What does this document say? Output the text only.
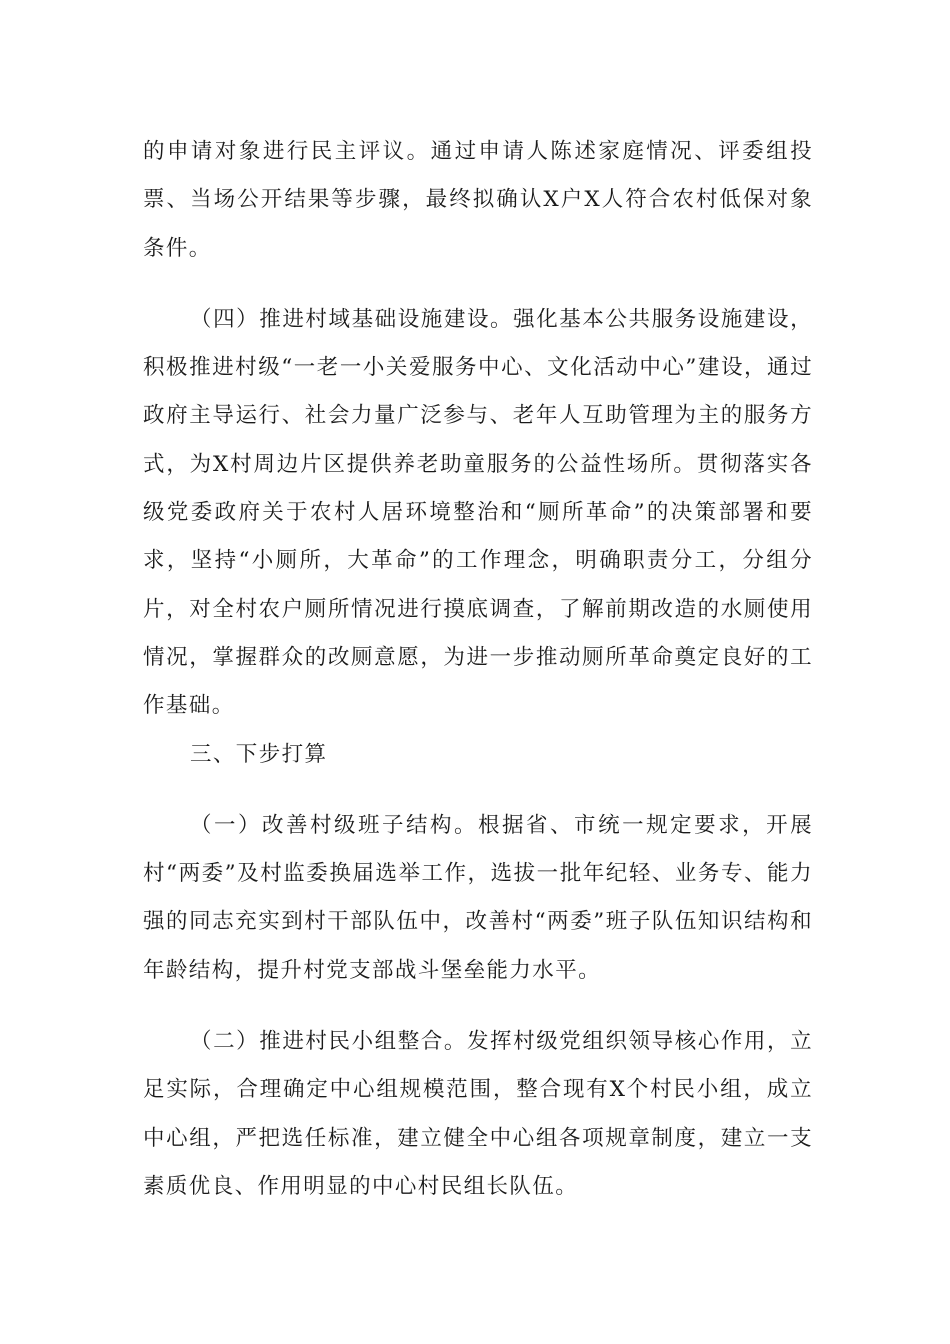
的申请对象进行民主评议。通过申请人陈述家庭情况、评委组投票、当场公开结果等步骤，最终拟确认X户X人符合农村低保对象条件。

（四）推进村域基础设施建设。强化基本公共服务设施建设，积极推进村级“一老一小关爱服务中心、文化活动中心”建设，通过政府主导运行、社会力量广泛参与、老年人互助管理为主的服务方式，为X村周边片区提供养老助童服务的公益性场所。贯彻落实各级党委政府关于农村人居环境整治和“厕所革命”的决策部署和要求，坚持“小厕所，大革命”的工作理念，明确职责分工，分组分片，对全村农户厕所情况进行摸底调查，了解前期改造的水厕使用情况，掌握群众的改厕意愿，为进一步推动厕所革命奠定良好的工作基础。

三、下步打算

（一）改善村级班子结构。根据省、市统一规定要求，开展村“两委”及村监委换届选举工作，选拔一批年纪轻、业务专、能力强的同志充实到村干部队伍中，改善村“两委”班子队伍知识结构和年龄结构，提升村党支部战斗堡垒能力水平。

（二）推进村民小组整合。发挥村级党组织领导核心作用，立足实际，合理确定中心组规模范围，整合现有X个村民小组，成立中心组，严把选任标准，建立健全中心组各项规章制度，建立一支素质优良、作用明显的中心村民组长队伍。
